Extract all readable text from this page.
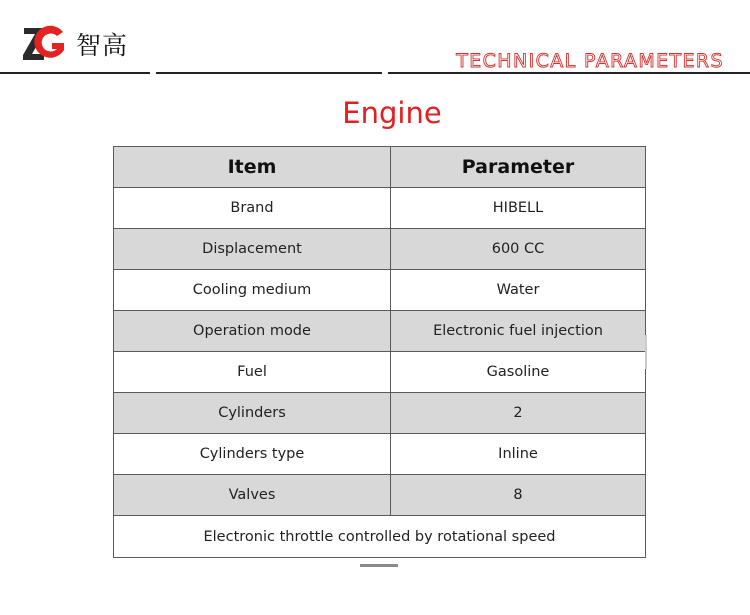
智高
TECHNICAL PARAMETERS
Engine
Item	Parameter
Brand	HIBELL
Displacement	600 CC
Cooling medium	Water
Operation mode	Electronic fuel injection
Fuel	Gasoline
Cylinders	2
Cylinders type	Inline
Valves	8
Electronic throttle controlled by rotational speed	
